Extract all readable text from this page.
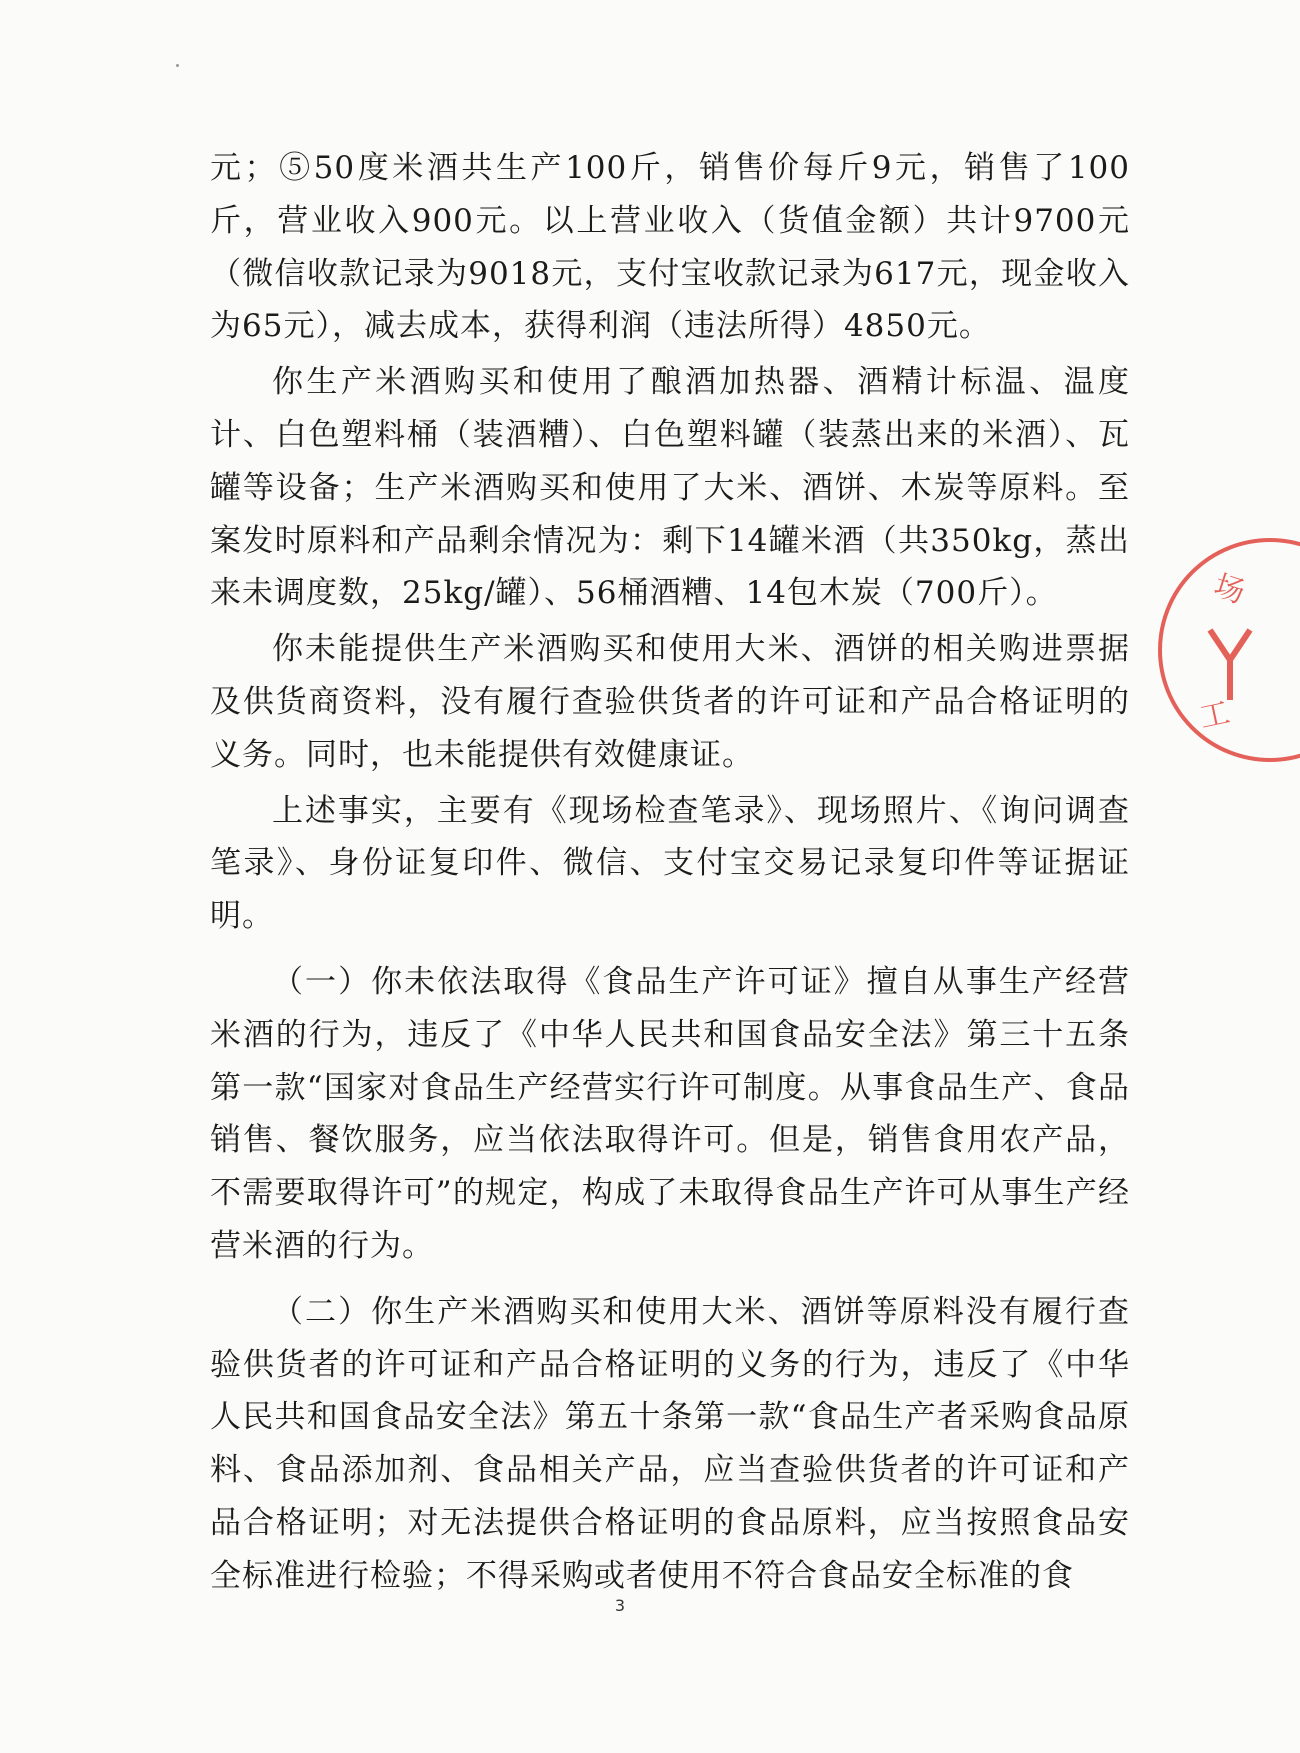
元；⑤50度米酒共生产100斤，销售价每斤9元，销售了100斤，营业收入900元。以上营业收入（货值金额）共计9700元（微信收款记录为9018元，支付宝收款记录为617元，现金收入为65元），减去成本，获得利润（违法所得）4850元。

你生产米酒购买和使用了酿酒加热器、酒精计标温、温度计、白色塑料桶（装酒糟）、白色塑料罐（装蒸出来的米酒）、瓦罐等设备；生产米酒购买和使用了大米、酒饼、木炭等原料。至案发时原料和产品剩余情况为：剩下14罐米酒（共350kg，蒸出来未调度数，25kg/罐）、56桶酒糟、14包木炭（700斤）。

你未能提供生产米酒购买和使用大米、酒饼的相关购进票据及供货商资料，没有履行查验供货者的许可证和产品合格证明的义务。同时，也未能提供有效健康证。

上述事实，主要有《现场检查笔录》、现场照片、《询问调查笔录》、身份证复印件、微信、支付宝交易记录复印件等证据证明。

（一）你未依法取得《食品生产许可证》擅自从事生产经营米酒的行为，违反了《中华人民共和国食品安全法》第三十五条第一款“国家对食品生产经营实行许可制度。从事食品生产、食品销售、餐饮服务，应当依法取得许可。但是，销售食用农产品，不需要取得许可”的规定，构成了未取得食品生产许可从事生产经营米酒的行为。

（二）你生产米酒购买和使用大米、酒饼等原料没有履行查验供货者的许可证和产品合格证明的义务的行为，违反了《中华人民共和国食品安全法》第五十条第一款“食品生产者采购食品原料、食品添加剂、食品相关产品，应当查验供货者的许可证和产品合格证明；对无法提供合格证明的食品原料，应当按照食品安全标准进行检验；不得采购或者使用不符合食品安全标准的食

场
工
3
